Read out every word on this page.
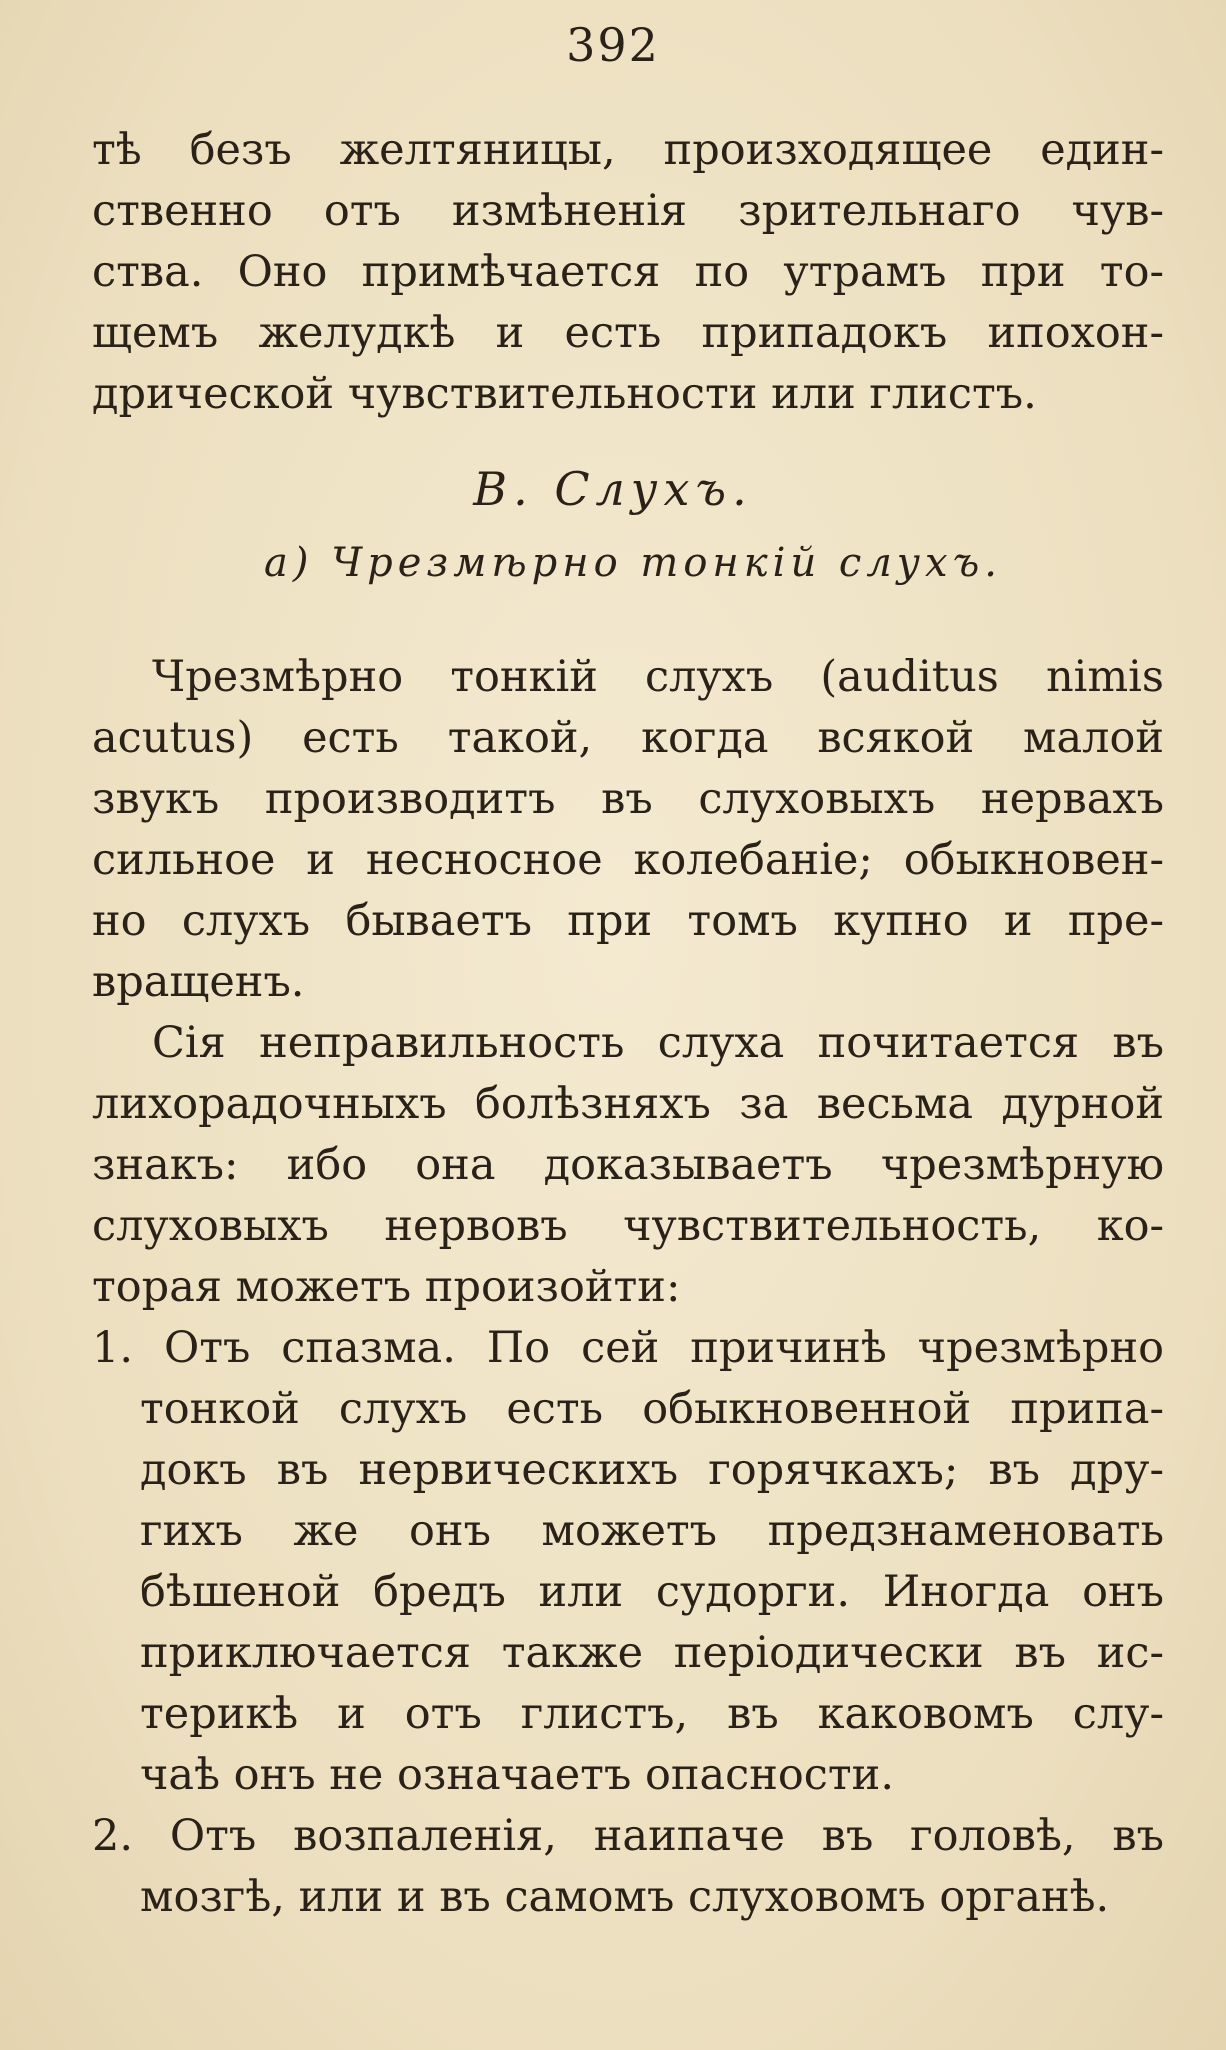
392
тѣ безъ желтяницы, произходящее един-
ственно отъ измѣненія зрительнаго чув-
ства. Оно примѣчается по утрамъ при то-
щемъ желудкѣ и есть припадокъ ипохон-
дрической чувствительности или глистъ.
В. Слухъ.
а) Чрезмѣрно тонкій слухъ.
Чрезмѣрно тонкій слухъ (auditus nimis
acutus) есть такой, когда всякой малой
звукъ производитъ въ слуховыхъ нервахъ
сильное и несносное колебаніе; обыкновен-
но слухъ бываетъ при томъ купно и пре-
вращенъ.
Сія неправильность слуха почитается въ
лихорадочныхъ болѣзняхъ за весьма дурной
знакъ: ибо она доказываетъ чрезмѣрную
слуховыхъ нервовъ чувствительность, ко-
торая можетъ произойти:
1. Отъ спазма. По сей причинѣ чрезмѣрно
тонкой слухъ есть обыкновенной припа-
докъ въ нервическихъ горячкахъ; въ дру-
гихъ же онъ можетъ предзнаменовать
бѣшеной бредъ или судорги. Иногда онъ
приключается также періодически въ ис-
терикѣ и отъ глистъ, въ каковомъ слу-
чаѣ онъ не означаетъ опасности.
2. Отъ возпаленія, наипаче въ головѣ, въ
мозгѣ, или и въ самомъ слуховомъ органѣ.
